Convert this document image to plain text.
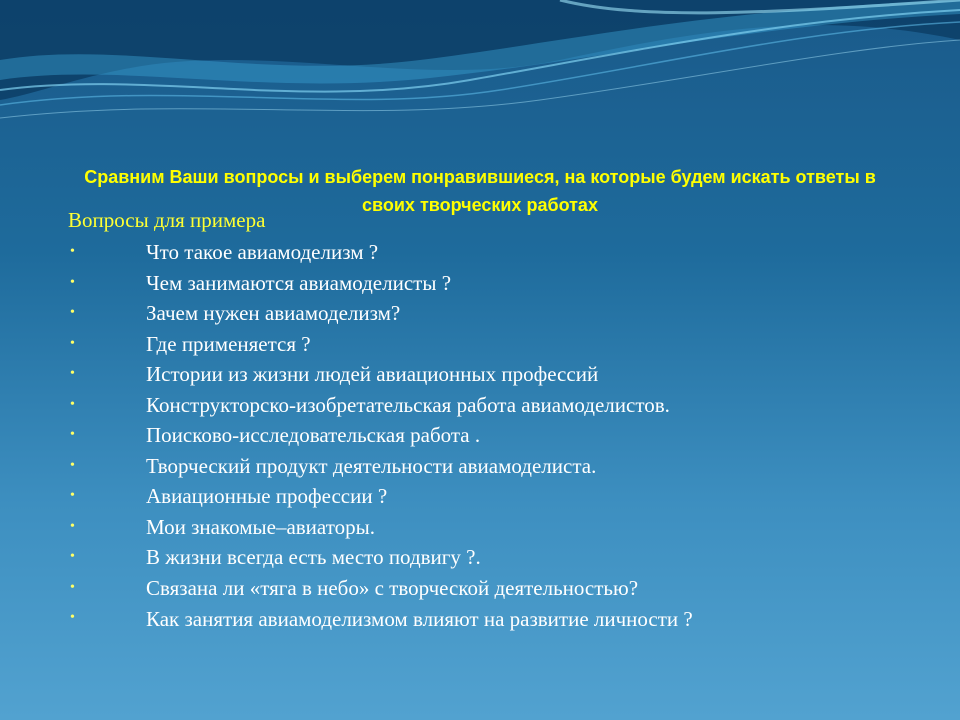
Сравним Ваши вопросы и выберем понравившиеся, на которые будем искать ответы в своих творческих работах
Вопросы для примера
•	Что такое авиамоделизм ?
•	Чем занимаются авиамоделисты ?
•	Зачем нужен авиамоделизм?
•	Где применяется ?
•	Истории из жизни людей авиационных профессий
•	Конструкторско-изобретательская работа авиамоделистов.
•	Поисково-исследовательская работа .
•	Творческий продукт деятельности авиамоделиста.
•	Авиационные профессии ?
•	Мои знакомые–авиаторы.
•	В жизни всегда есть место подвигу ?.
•	Связана ли «тяга в небо» с творческой деятельностью?
•	Как занятия авиамоделизмом влияют на развитие личности ?
